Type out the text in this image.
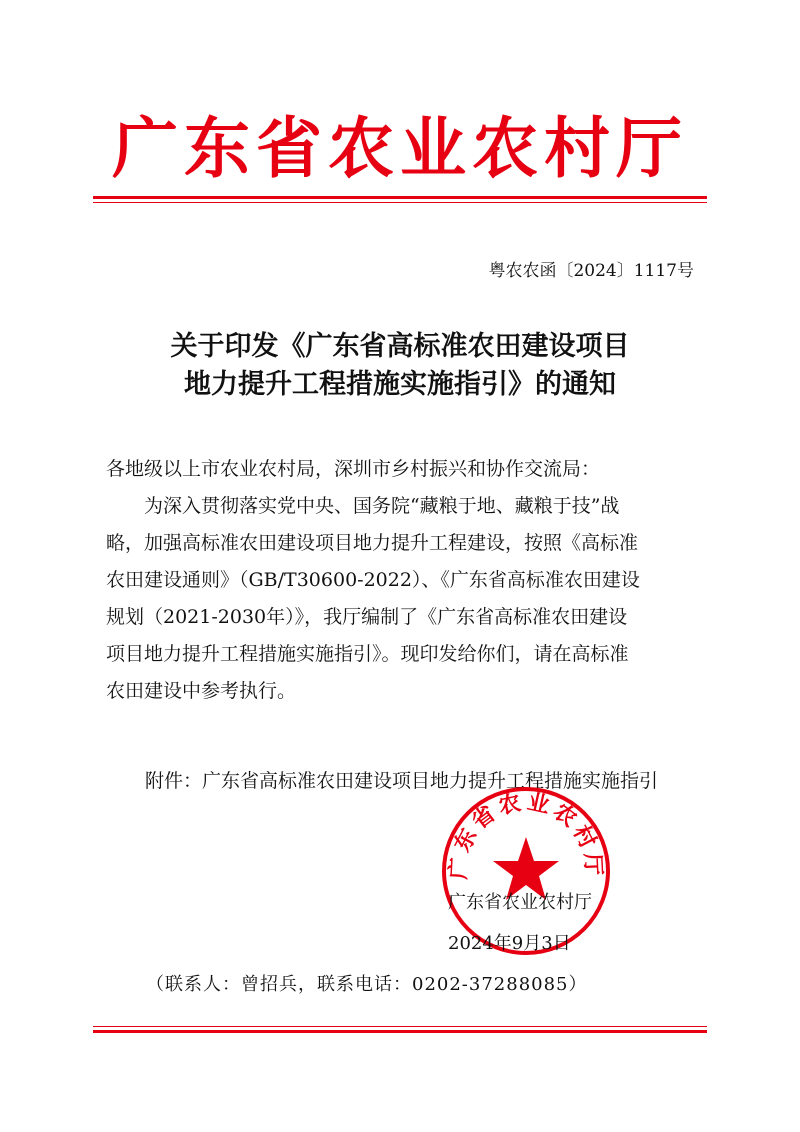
广东省农业农村厅
粤农农函〔2024〕1117号
关于印发《广东省高标准农田建设项目
地力提升工程措施实施指引》的通知
各地级以上市农业农村局，深圳市乡村振兴和协作交流局：
　　为深入贯彻落实党中央、国务院“藏粮于地、藏粮于技”战
略，加强高标准农田建设项目地力提升工程建设，按照《高标准
农田建设通则》（GB/T30600-2022）、《广东省高标准农田建设
规划（2021-2030年）》，我厅编制了《广东省高标准农田建设
项目地力提升工程措施实施指引》。现印发给你们，请在高标准
农田建设中参考执行。
附件：广东省高标准农田建设项目地力提升工程措施实施指引
广东省农业农村厅
广东省农业农村厅
2024年9月3日
（联系人：曾招兵，联系电话：0202-37288085）
